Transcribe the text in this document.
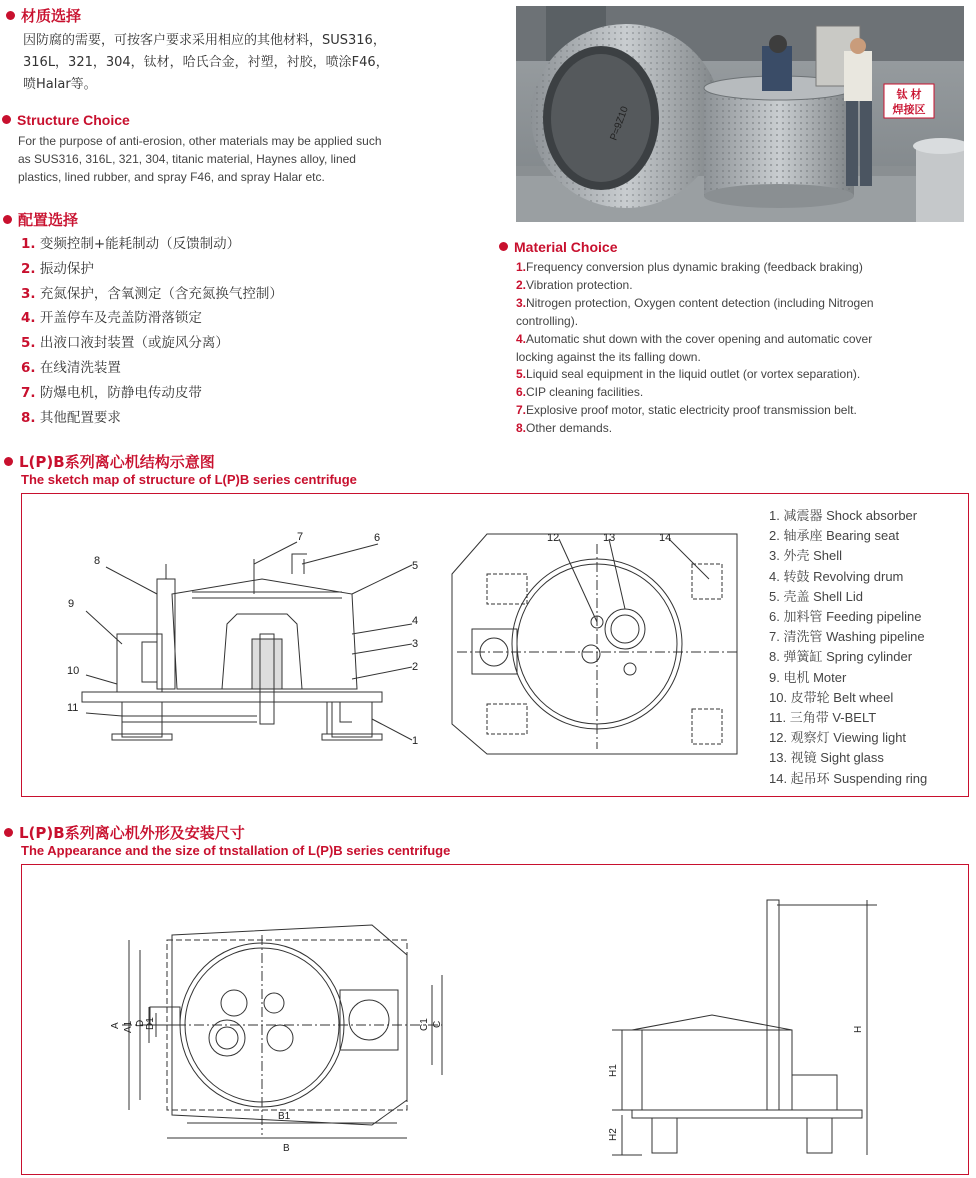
材质选择
因防腐的需要，可按客户要求采用相应的其他材料，SUS316，
316L，321，304，钛材，哈氏合金，衬塑，衬胶，喷涂F46，
喷Halar等。
Structure Choice
For the purpose of anti-erosion, other materials may be applied such
as SUS316, 316L, 321, 304, titanic material, Haynes alloy, lined
plastics, lined rubber, and spray F46, and spray Halar etc.
P=9Z10
钛 材
焊接区
配置选择
1. 变频控制+能耗制动（反馈制动）
2. 振动保护
3. 充氮保护，含氧测定（含充氮换气控制）
4. 开盖停车及壳盖防滑落锁定
5. 出液口液封装置（或旋风分离）
6. 在线清洗装置
7. 防爆电机，防静电传动皮带
8. 其他配置要求
Material Choice
1.Frequency conversion plus dynamic braking (feedback braking)
2.Vibration protection.
3.Nitrogen protection, Oxygen content detection (including Nitrogen
controlling).
4.Automatic shut down with the cover opening and automatic cover
locking against the its falling down.
5.Liquid seal equipment in the liquid outlet (or vortex separation).
6.CIP cleaning facilities.
7.Explosive proof motor, static electricity proof transmission belt.
8.Other demands.
L(P)B系列离心机结构示意图
The sketch map of structure of L(P)B series centrifuge
8
9
10
11
7	6
5
4
3
2
1
12	13	14
1. 减震器 Shock absorber
2. 轴承座 Bearing seat
3. 外壳 Shell
4. 转鼓 Revolving drum
5. 壳盖 Shell Lid
6. 加料管 Feeding pipeline
7. 清洗管 Washing pipeline
8. 弹簧缸 Spring cylinder
9. 电机 Moter
10. 皮带轮 Belt wheel
11. 三角带 V-BELT
12. 观察灯 Viewing light
13. 视镜 Sight glass
14. 起吊环 Suspending ring
L(P)B系列离心机外形及安装尺寸
The Appearance and the size of tnstallation of L(P)B series centrifuge
A A1 D D1	C1 C
B1
B
H1
H2
H
